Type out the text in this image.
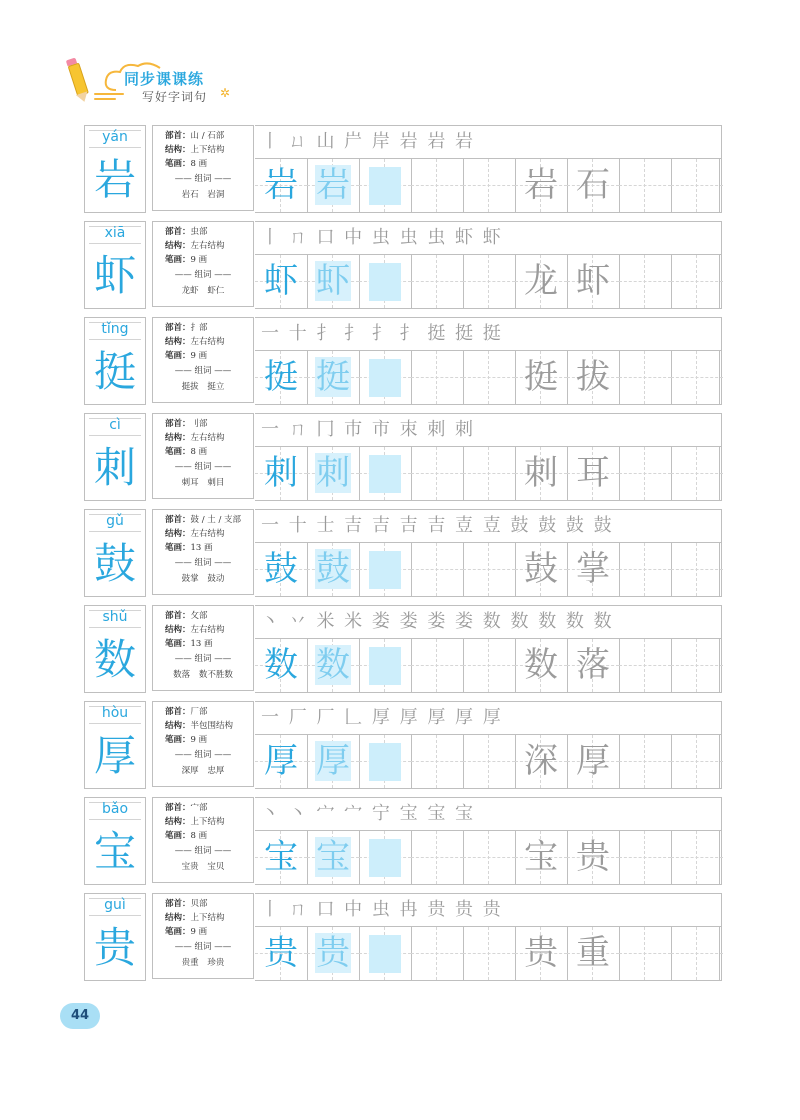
同步课课练
写好字词句 ✲
yán
岩
部首：山 / 石部
结构：上下结构
笔画：8 画
—— 组词 ——
岩石 岩洞
丨 ㄩ 山 屵 岸 岩 岩 岩
岩 岩	岩 石
xiā
虾
部首：虫部
结构：左右结构
笔画：9 画
—— 组词 ——
龙虾 虾仁
丨 ㄇ 口 中 虫 虫 虫 虾 虾
虾 虾	龙 虾
tǐng
挺
部首：扌部
结构：左右结构
笔画：9 画
—— 组词 ——
挺拔 挺立
一 十 扌 扌 扌 扌 挺 挺 挺
挺 挺	挺 拔
cì
刺
部首：刂部
结构：左右结构
笔画：8 画
—— 组词 ——
刺耳 刺目
一 ㄇ 冂 巿 市 朿 刺 刺
刺 刺	刺 耳
gǔ
鼓
部首：鼓 / 土 / 支部
结构：左右结构
笔画：13 画
—— 组词 ——
鼓掌 鼓动
一 十 士 吉 吉 吉 吉 壴 壴 鼓 鼓 鼓 鼓
鼓 鼓	鼓 掌
shǔ
数
部首：攵部
结构：左右结构
笔画：13 画
—— 组词 ——
数落 数不胜数
丶 丷 米 米 娄 娄 娄 娄 数 数 数 数 数
数 数	数 落
hòu
厚
部首：厂部
结构：半包围结构
笔画：9 画
—— 组词 ——
深厚 忠厚
一 厂 厂 𠃊 厚 厚 厚 厚 厚
厚 厚	深 厚
bǎo
宝
部首：宀部
结构：上下结构
笔画：8 画
—— 组词 ——
宝贵 宝贝
丶 丶 宀 宀 宁 宝 宝 宝
宝 宝	宝 贵
guì
贵
部首：贝部
结构：上下结构
笔画：9 画
—— 组词 ——
贵重 珍贵
丨 ㄇ 口 中 虫 冉 贵 贵 贵
贵 贵	贵 重
44
